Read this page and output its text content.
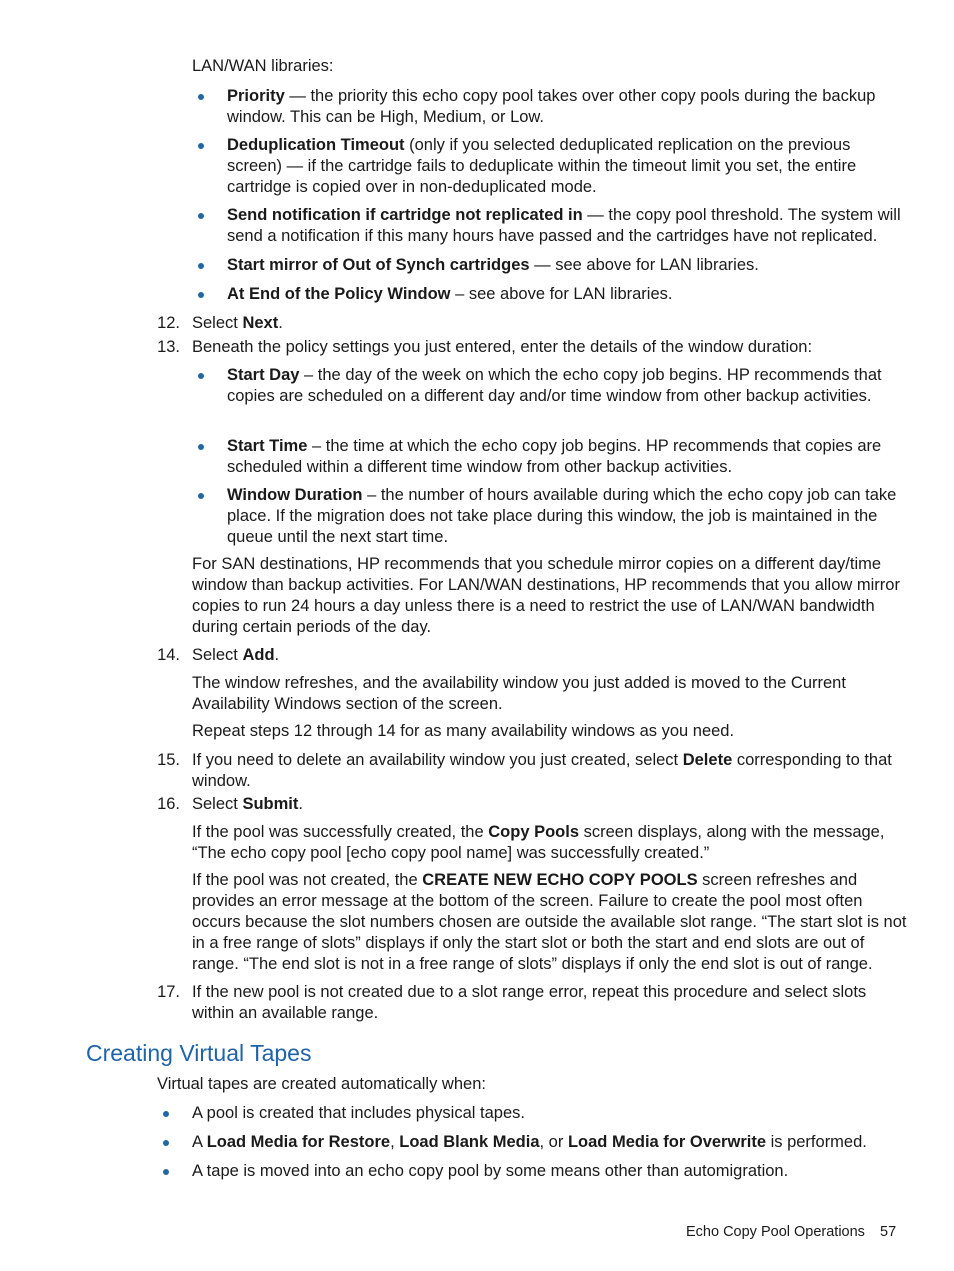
LAN/WAN libraries:

Priority — the priority this echo copy pool takes over other copy pools during the backup window. This can be High, Medium, or Low.

Deduplication Timeout (only if you selected deduplicated replication on the previous screen) — if the cartridge fails to deduplicate within the timeout limit you set, the entire cartridge is copied over in non-deduplicated mode.

Send notification if cartridge not replicated in — the copy pool threshold. The system will send a notification if this many hours have passed and the cartridges have not replicated.

Start mirror of Out of Synch cartridges — see above for LAN libraries.

At End of the Policy Window – see above for LAN libraries.

12. Select Next.

13. Beneath the policy settings you just entered, enter the details of the window duration:

Start Day – the day of the week on which the echo copy job begins. HP recommends that copies are scheduled on a different day and/or time window from other backup activities.

Start Time – the time at which the echo copy job begins. HP recommends that copies are scheduled within a different time window from other backup activities.

Window Duration – the number of hours available during which the echo copy job can take place. If the migration does not take place during this window, the job is maintained in the queue until the next start time.

For SAN destinations, HP recommends that you schedule mirror copies on a different day/time window than backup activities. For LAN/WAN destinations, HP recommends that you allow mirror copies to run 24 hours a day unless there is a need to restrict the use of LAN/WAN bandwidth during certain periods of the day.

14. Select Add.

The window refreshes, and the availability window you just added is moved to the Current Availability Windows section of the screen.

Repeat steps 12 through 14 for as many availability windows as you need.

15. If you need to delete an availability window you just created, select Delete corresponding to that window.

16. Select Submit.

If the pool was successfully created, the Copy Pools screen displays, along with the message, “The echo copy pool [echo copy pool name] was successfully created.”

If the pool was not created, the CREATE NEW ECHO COPY POOLS screen refreshes and provides an error message at the bottom of the screen. Failure to create the pool most often occurs because the slot numbers chosen are outside the available slot range. “The start slot is not in a free range of slots” displays if only the start slot or both the start and end slots are out of range. “The end slot is not in a free range of slots” displays if only the end slot is out of range.

17. If the new pool is not created due to a slot range error, repeat this procedure and select slots within an available range.

Creating Virtual Tapes

Virtual tapes are created automatically when:

A pool is created that includes physical tapes.

A Load Media for Restore, Load Blank Media, or Load Media for Overwrite is performed.

A tape is moved into an echo copy pool by some means other than automigration.

Echo Copy Pool Operations 57
